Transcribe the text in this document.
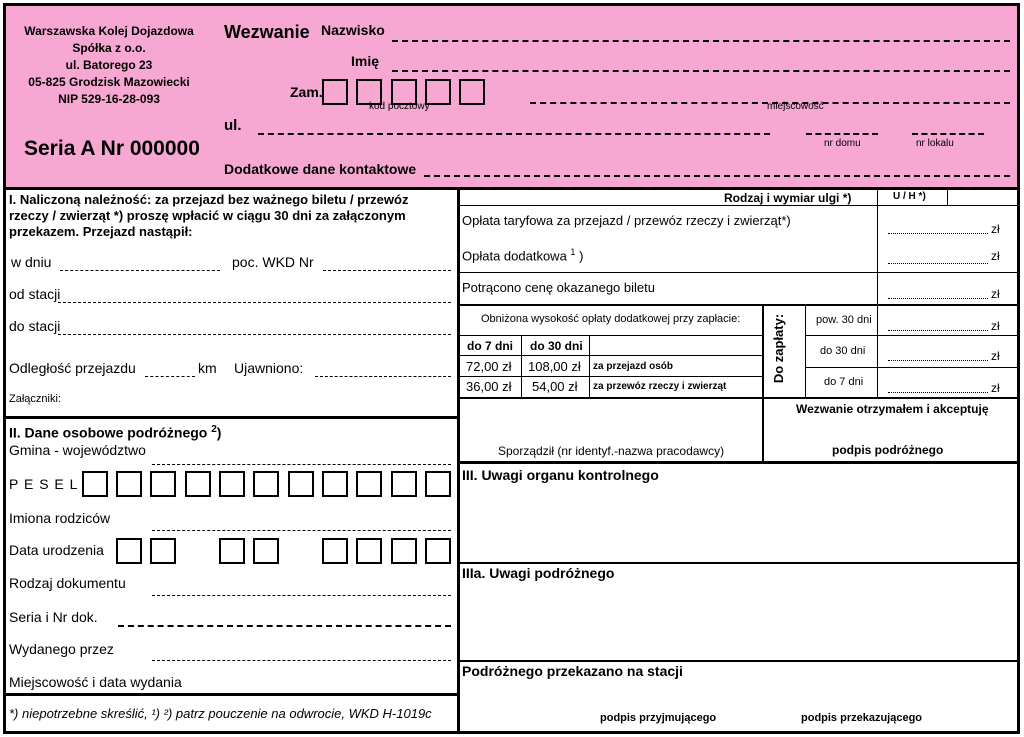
Warszawska Kolej Dojazdowa
Spółka z o.o.
ul. Batorego 23
05-825 Grodzisk Mazowiecki
NIP 529-16-28-093
Seria A Nr 000000
Wezwanie Nazwisko
Imię
Zam.
kod pocztowy	miejscowość
ul.
nr domu	nr lokalu
Dodatkowe dane kontaktowe
I. Naliczoną należność: za przejazd bez ważnego biletu / przewóz
rzeczy / zwierząt *) proszę wpłacić w ciągu 30 dni za załączonym
przekazem. Przejazd nastąpił:
w dniu	poc. WKD Nr
od stacji
do stacji
Odległość przejazdu	km Ujawniono:
Załączniki:
Rodzaj i wymiar ulgi *)	U / H *)
Opłata taryfowa za przejazd / przewóz rzeczy i zwierząt*)
zł
Opłata dodatkowa $^1$ )	zł
Potrącono cenę okazanego biletu	zł
Obniżona wysokość opłaty dodatkowej przy zapłacie:
do 7 dni do 30 dni
72,00 zł 108,00 zł za przejazd osób
36,00 zł 54,00 zł za przewóz rzeczy i zwierząt
Do zapłaty:	pow. 30 dni	zł
do 30 dni	zł
do 7 dni	zł
Sporządził (nr identyf.-nazwa pracodawcy)
Wezwanie otrzymałem i akceptuję
podpis podróżnego
II. Dane osobowe podróżnego $^2$)
Gmina - województwo
P E S E L
Imiona rodziców
Data urodzenia
Rodzaj dokumentu
Seria i Nr dok.
Wydanego przez
Miejscowość i data wydania
*) niepotrzebne skreślić, ¹) ²) patrz pouczenie na odwrocie, WKD H-1019c
III. Uwagi organu kontrolnego
IIIa. Uwagi podróżnego
Podróżnego przekazano na stacji
podpis przyjmującego	podpis przekazującego
